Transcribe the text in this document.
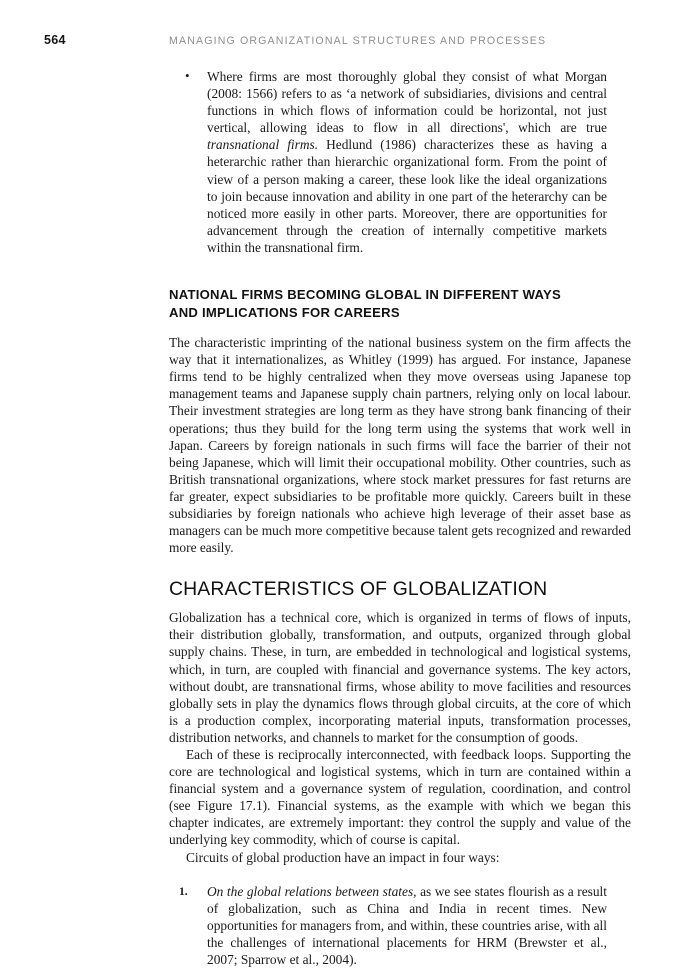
564	MANAGING ORGANIZATIONAL STRUCTURES AND PROCESSES
• Where firms are most thoroughly global they consist of what Morgan (2008: 1566) refers to as ‘a network of subsidiaries, divisions and central functions in which flows of information could be horizontal, not just vertical, allowing ideas to flow in all directions', which are true transnational firms. Hedlund (1986) characterizes these as having a heterarchic rather than hierarchic organizational form. From the point of view of a person making a career, these look like the ideal organizations to join because innovation and ability in one part of the heterarchy can be noticed more easily in other parts. Moreover, there are opportunities for advancement through the creation of internally competitive markets within the transnational firm.
NATIONAL FIRMS BECOMING GLOBAL IN DIFFERENT WAYS
AND IMPLICATIONS FOR CAREERS

The characteristic imprinting of the national business system on the firm affects the way that it internationalizes, as Whitley (1999) has argued. For instance, Japanese firms tend to be highly centralized when they move overseas using Japanese top management teams and Japanese supply chain partners, relying only on local labour. Their investment strategies are long term as they have strong bank financing of their operations; thus they build for the long term using the systems that work well in Japan. Careers by foreign nationals in such firms will face the barrier of their not being Japanese, which will limit their occupational mobility. Other countries, such as British transnational organizations, where stock market pressures for fast returns are far greater, expect subsidiaries to be profitable more quickly. Careers built in these subsidiaries by foreign nationals who achieve high leverage of their asset base as managers can be much more competitive because talent gets recognized and rewarded more easily.

CHARACTERISTICS OF GLOBALIZATION

Globalization has a technical core, which is organized in terms of flows of inputs, their distribution globally, transformation, and outputs, organized through global supply chains. These, in turn, are embedded in technological and logistical systems, which, in turn, are coupled with financial and governance systems. The key actors, without doubt, are transnational firms, whose ability to move facilities and resources globally sets in play the dynamics flows through global circuits, at the core of which is a production complex, incorporating material inputs, transformation processes, distribution networks, and channels to market for the consumption of goods.

Each of these is reciprocally interconnected, with feedback loops. Supporting the core are technological and logistical systems, which in turn are contained within a financial system and a governance system of regulation, coordination, and control (see Figure 17.1). Financial systems, as the example with which we began this chapter indicates, are extremely important: they control the supply and value of the underlying key commodity, which of course is capital.

Circuits of global production have an impact in four ways:

1. On the global relations between states, as we see states flourish as a result of globalization, such as China and India in recent times. New opportunities for managers from, and within, these countries arise, with all the challenges of international placements for HRM (Brewster et al., 2007; Sparrow et al., 2004).
